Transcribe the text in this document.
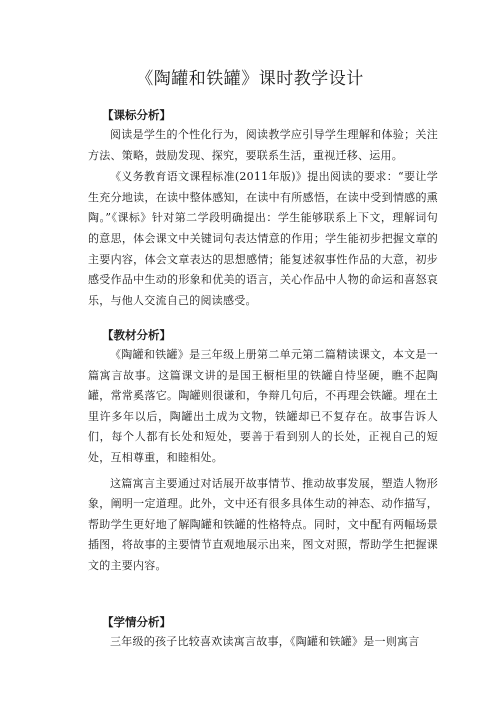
《陶罐和铁罐》课时教学设计
【课标分析】

阅读是学生的个性化行为，阅读教学应引导学生理解和体验；关注方法、策略，鼓励发现、探究，要联系生活，重视迁移、运用。

《义务教育语文课程标准(2011年版)》提出阅读的要求：“要让学生充分地读，在读中整体感知，在读中有所感悟，在读中受到情感的熏陶。”《课标》针对第二学段明确提出：学生能够联系上下文，理解词句的意思，体会课文中关键词句表达情意的作用；学生能初步把握文章的主要内容，体会文章表达的思想感情；能复述叙事性作品的大意，初步感受作品中生动的形象和优美的语言，关心作品中人物的命运和喜怒哀乐，与他人交流自己的阅读感受。

【教材分析】

《陶罐和铁罐》是三年级上册第二单元第二篇精读课文，本文是一篇寓言故事。这篇课文讲的是国王橱柜里的铁罐自恃坚硬，瞧不起陶罐，常常奚落它。陶罐则很谦和，争辩几句后，不再理会铁罐。埋在土里许多年以后，陶罐出土成为文物，铁罐却已不复存在。故事告诉人们，每个人都有长处和短处，要善于看到别人的长处，正视自己的短处，互相尊重，和睦相处。

这篇寓言主要通过对话展开故事情节、推动故事发展，塑造人物形象，阐明一定道理。此外，文中还有很多具体生动的神态、动作描写，帮助学生更好地了解陶罐和铁罐的性格特点。同时，文中配有两幅场景插图，将故事的主要情节直观地展示出来，图文对照，帮助学生把握课文的主要内容。

【学情分析】

三年级的孩子比较喜欢读寓言故事，《陶罐和铁罐》是一则寓言
